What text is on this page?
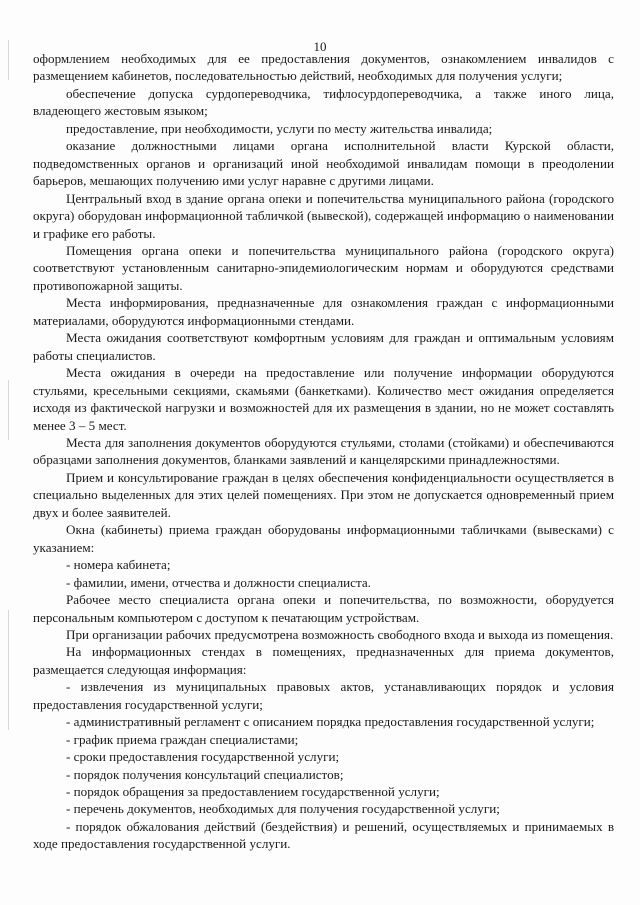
10

оформлением необходимых для ее предоставления документов, ознакомлением инвалидов с размещением кабинетов, последовательностью действий, необходимых для получения услуги;

обеспечение допуска сурдопереводчика, тифлосурдопереводчика, а также иного лица, владеющего жестовым языком;

предоставление, при необходимости, услуги по месту жительства инвалида;

оказание должностными лицами органа исполнительной власти Курской области, подведомственных органов и организаций иной необходимой инвалидам помощи в преодолении барьеров, мешающих получению ими услуг наравне с другими лицами.

Центральный вход в здание органа опеки и попечительства муниципального района (городского округа) оборудован информационной табличкой (вывеской), содержащей информацию о наименовании и графике его работы.

Помещения органа опеки и попечительства муниципального района (городского округа) соответствуют установленным санитарно-эпидемиологическим нормам и оборудуются средствами противопожарной защиты.

Места информирования, предназначенные для ознакомления граждан с информационными материалами, оборудуются информационными стендами.

Места ожидания соответствуют комфортным условиям для граждан и оптимальным условиям работы специалистов.

Места ожидания в очереди на предоставление или получение информации оборудуются стульями, кресельными секциями, скамьями (банкетками). Количество мест ожидания определяется исходя из фактической нагрузки и возможностей для их размещения в здании, но не может составлять менее 3 – 5 мест.

Места для заполнения документов оборудуются стульями, столами (стойками) и обеспечиваются образцами заполнения документов, бланками заявлений и канцелярскими принадлежностями.

Прием и консультирование граждан в целях обеспечения конфиденциальности осуществляется в специально выделенных для этих целей помещениях. При этом не допускается одновременный прием двух и более заявителей.

Окна (кабинеты) приема граждан оборудованы информационными табличками (вывесками) с указанием:

- номера кабинета;

- фамилии, имени, отчества и должности специалиста.

Рабочее место специалиста органа опеки и попечительства, по возможности, оборудуется персональным компьютером с доступом к печатающим устройствам.

При организации рабочих предусмотрена возможность свободного входа и выхода из помещения.

На информационных стендах в помещениях, предназначенных для приема документов, размещается следующая информация:

- извлечения из муниципальных правовых актов, устанавливающих порядок и условия предоставления государственной услуги;

- административный регламент с описанием порядка предоставления государственной услуги;

- график приема граждан специалистами;

- сроки предоставления государственной услуги;

- порядок получения консультаций специалистов;

- порядок обращения за предоставлением государственной услуги;

- перечень документов, необходимых для получения государственной услуги;

- порядок обжалования действий (бездействия) и решений, осуществляемых и принимаемых в ходе предоставления государственной услуги.
